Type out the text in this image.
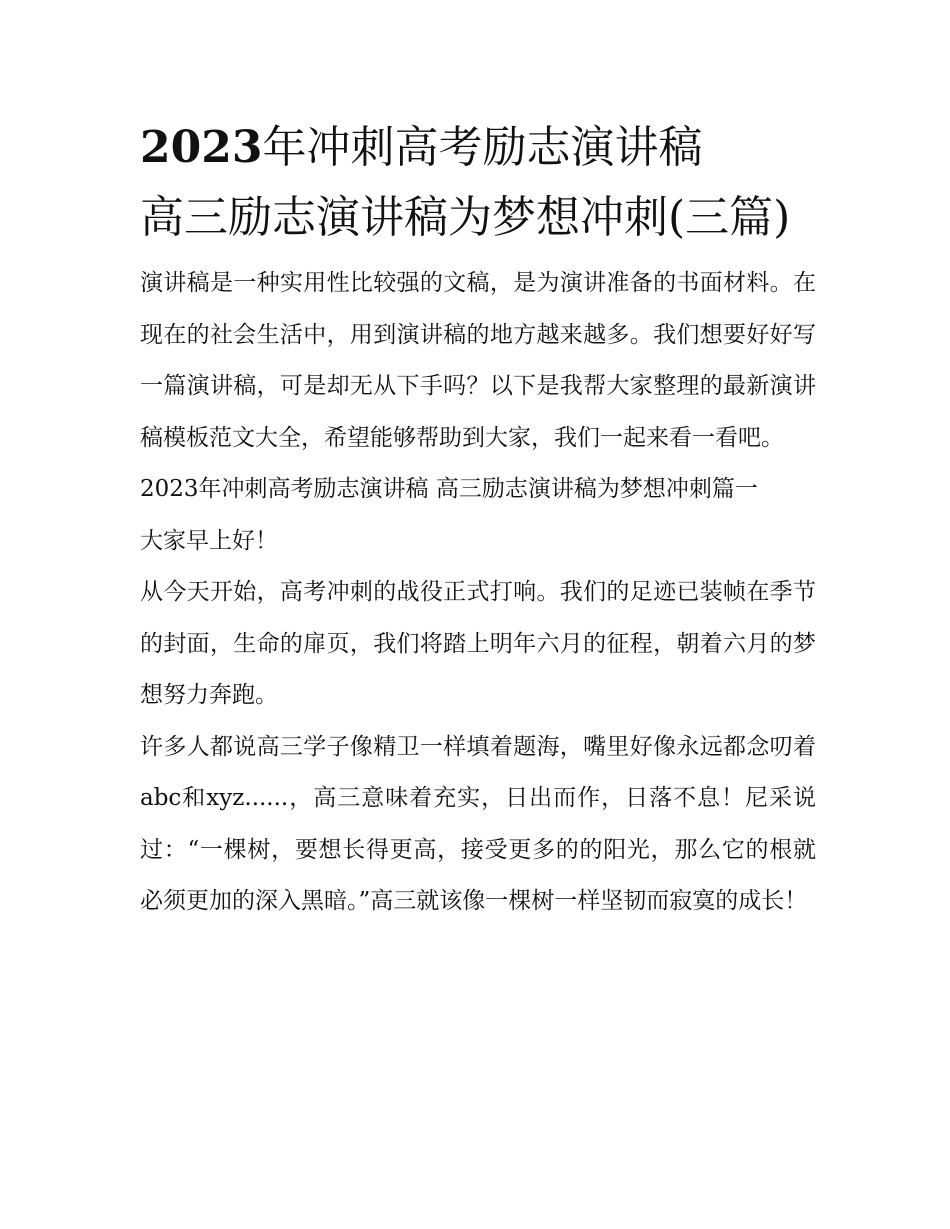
2023年冲刺高考励志演讲稿
高三励志演讲稿为梦想冲刺(三篇)

演讲稿是一种实用性比较强的文稿，是为演讲准备的书面材料。在现在的社会生活中，用到演讲稿的地方越来越多。我们想要好好写一篇演讲稿，可是却无从下手吗？以下是我帮大家整理的最新演讲稿模板范文大全，希望能够帮助到大家，我们一起来看一看吧。

2023年冲刺高考励志演讲稿 高三励志演讲稿为梦想冲刺篇一

大家早上好！

从今天开始，高考冲刺的战役正式打响。我们的足迹已装帧在季节的封面，生命的扉页，我们将踏上明年六月的征程，朝着六月的梦想努力奔跑。

许多人都说高三学子像精卫一样填着题海，嘴里好像永远都念叨着abc和xyz......，高三意味着充实，日出而作，日落不息！尼采说过：“一棵树，要想长得更高，接受更多的的阳光，那么它的根就必须更加的深入黑暗。”高三就该像一棵树一样坚韧而寂寞的成长！
